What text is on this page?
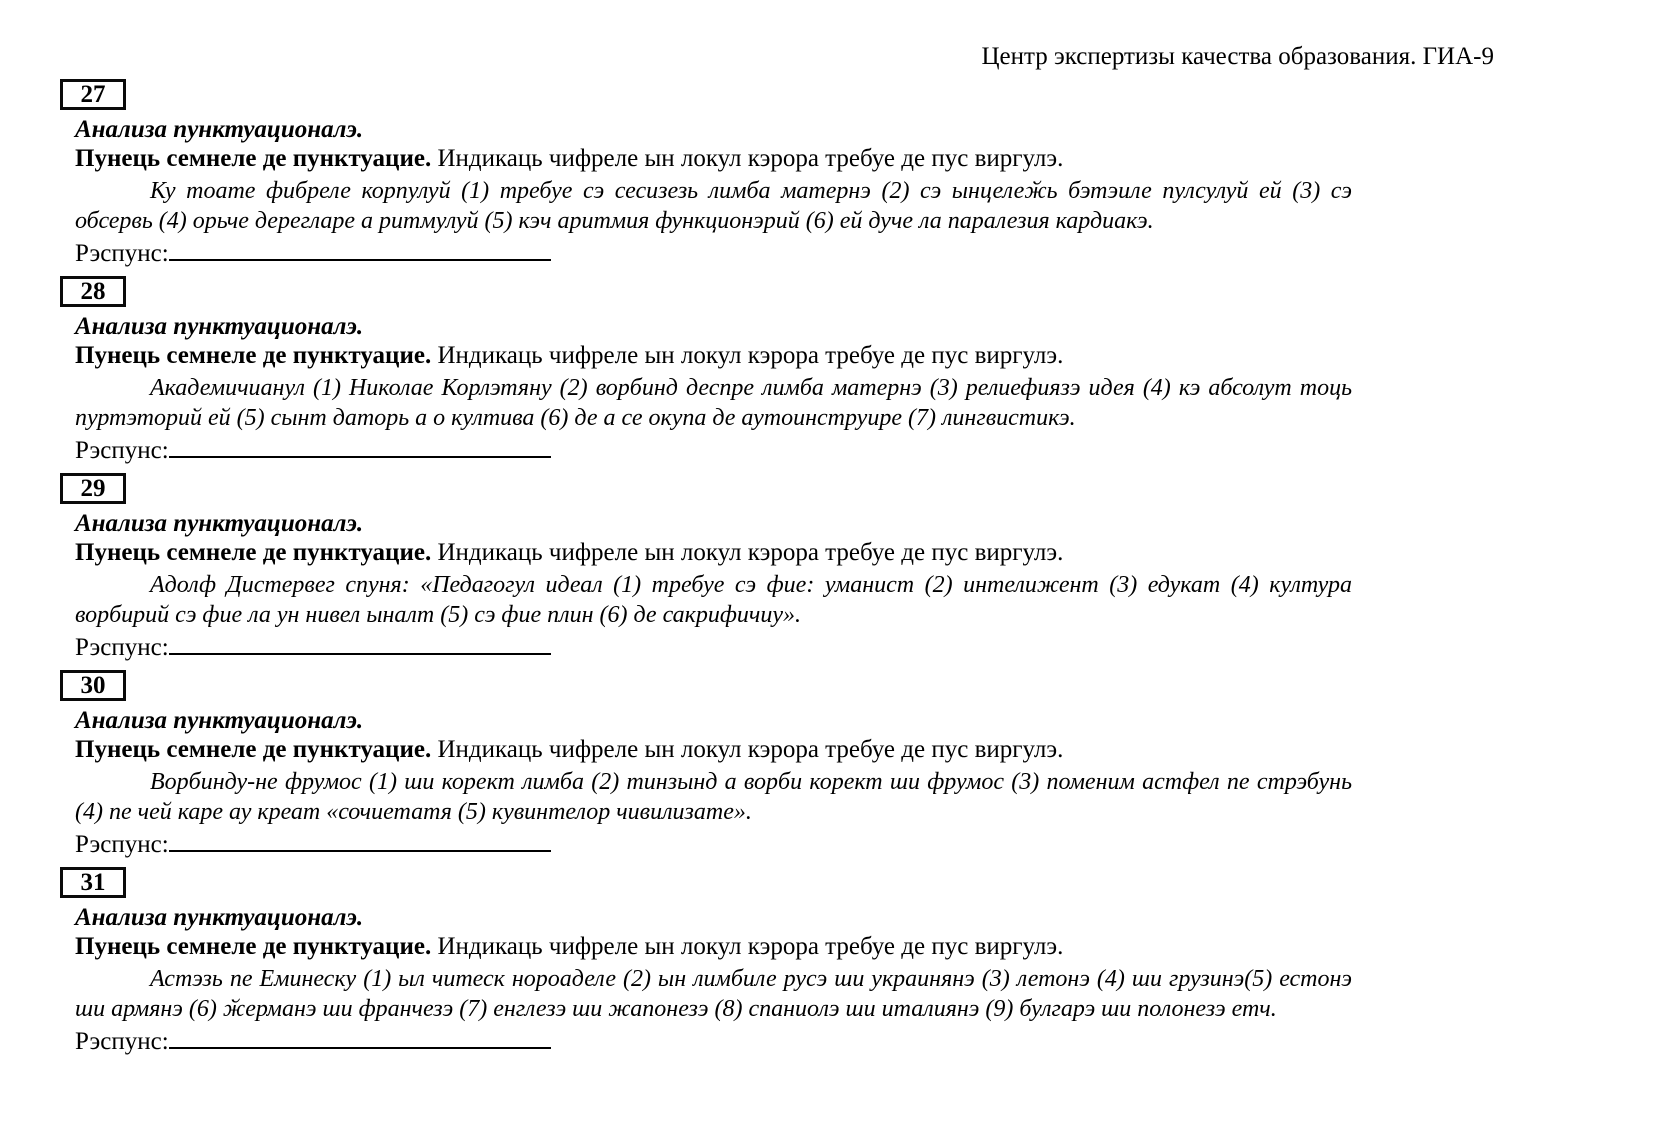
Центр экспертизы качества образования. ГИА-9

27

Анализа пунктуационалэ.

Пунець семнеле де пунктуацие. Индикаць чифреле ын локул кэрора требуе де пус виргулэ.

Ку тоате фибреле корпулуй (1) требуе сэ сесизезь лимба матернэ (2) сэ ынцелеӂь бэтэиле пулсулуй ей (3) сэ обсервь (4) орьче дерегларе а ритмулуй (5) кэч аритмия функционэрий (6) ей дуче ла паралезия кардиакэ.

Рэспунс:

28

Анализа пунктуационалэ.

Пунець семнеле де пунктуацие. Индикаць чифреле ын локул кэрора требуе де пус виргулэ.

Академичианул (1) Николае Корлэтяну (2) ворбинд деспре лимба матернэ (3) релиефиязэ идея (4) кэ абсолут тоць пуртэторий ей (5) сынт даторь а о култива (6) де а се окупа де аутоинструире (7) лингвистикэ.

Рэспунс:

29

Анализа пунктуационалэ.

Пунець семнеле де пунктуацие. Индикаць чифреле ын локул кэрора требуе де пус виргулэ.

Адолф Дистервег спуня: «Педагогул идеал (1) требуе сэ фие: уманист (2) интелижент (3) едукат (4) култура ворбирий сэ фие ла ун нивел ыналт (5) сэ фие плин (6) де сакрифичиу».

Рэспунс:

30

Анализа пунктуационалэ.

Пунець семнеле де пунктуацие. Индикаць чифреле ын локул кэрора требуе де пус виргулэ.

Ворбинду-не фрумос (1) ши корект лимба (2) тинзынд а ворби корект ши фрумос (3) поменим астфел пе стрэбунь (4) пе чей каре ау креат «сочиетатя (5) кувинтелор чивилизате».

Рэспунс:

31

Анализа пунктуационалэ.

Пунець семнеле де пунктуацие. Индикаць чифреле ын локул кэрора требуе де пус виргулэ.

Астэзь пе Еминеску (1) ыл читеск нороаделе (2) ын лимбиле русэ ши украинянэ (3) летонэ (4) ши грузинэ(5) естонэ ши армянэ (6) ӂерманэ ши франчезэ (7) енглезэ ши жапонезэ (8) спаниолэ ши италиянэ (9) булгарэ ши полонезэ етч.

Рэспунс:
